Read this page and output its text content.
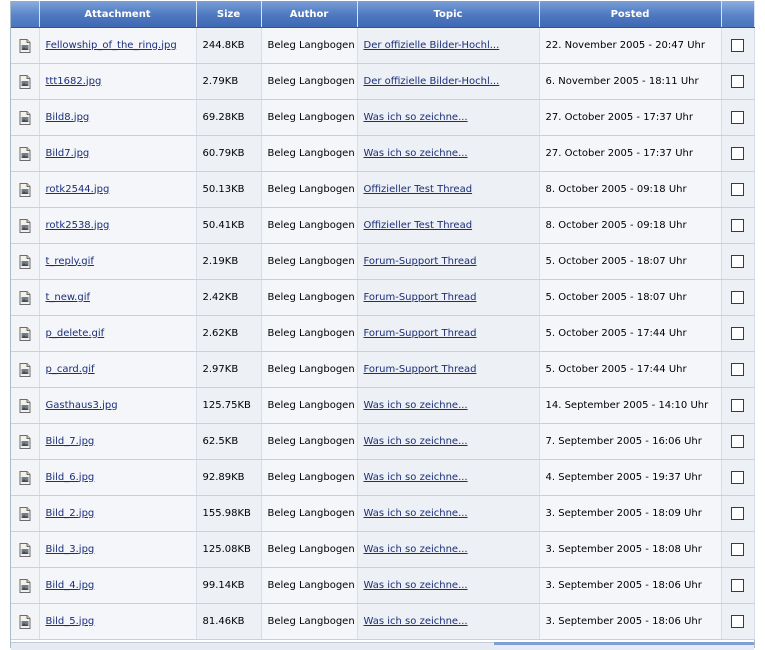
	Attachment	Size	Author	Topic	Posted	
	Fellowship_of_the_ring.jpg	244.8KB	Beleg Langbogen	Der offizielle Bilder-Hochl...	22. November 2005 - 20:47 Uhr	
	ttt1682.jpg	2.79KB	Beleg Langbogen	Der offizielle Bilder-Hochl...	6. November 2005 - 18:11 Uhr	
	Bild8.jpg	69.28KB	Beleg Langbogen	Was ich so zeichne...	27. October 2005 - 17:37 Uhr	
	Bild7.jpg	60.79KB	Beleg Langbogen	Was ich so zeichne...	27. October 2005 - 17:37 Uhr	
	rotk2544.jpg	50.13KB	Beleg Langbogen	Offizieller Test Thread	8. October 2005 - 09:18 Uhr	
	rotk2538.jpg	50.41KB	Beleg Langbogen	Offizieller Test Thread	8. October 2005 - 09:18 Uhr	
	t_reply.gif	2.19KB	Beleg Langbogen	Forum-Support Thread	5. October 2005 - 18:07 Uhr	
	t_new.gif	2.42KB	Beleg Langbogen	Forum-Support Thread	5. October 2005 - 18:07 Uhr	
	p_delete.gif	2.62KB	Beleg Langbogen	Forum-Support Thread	5. October 2005 - 17:44 Uhr	
	p_card.gif	2.97KB	Beleg Langbogen	Forum-Support Thread	5. October 2005 - 17:44 Uhr	
	Gasthaus3.jpg	125.75KB	Beleg Langbogen	Was ich so zeichne...	14. September 2005 - 14:10 Uhr	
	Bild_7.jpg	62.5KB	Beleg Langbogen	Was ich so zeichne...	7. September 2005 - 16:06 Uhr	
	Bild_6.jpg	92.89KB	Beleg Langbogen	Was ich so zeichne...	4. September 2005 - 19:37 Uhr	
	Bild_2.jpg	155.98KB	Beleg Langbogen	Was ich so zeichne...	3. September 2005 - 18:09 Uhr	
	Bild_3.jpg	125.08KB	Beleg Langbogen	Was ich so zeichne...	3. September 2005 - 18:08 Uhr	
	Bild_4.jpg	99.14KB	Beleg Langbogen	Was ich so zeichne...	3. September 2005 - 18:06 Uhr	
	Bild_5.jpg	81.46KB	Beleg Langbogen	Was ich so zeichne...	3. September 2005 - 18:06 Uhr	
